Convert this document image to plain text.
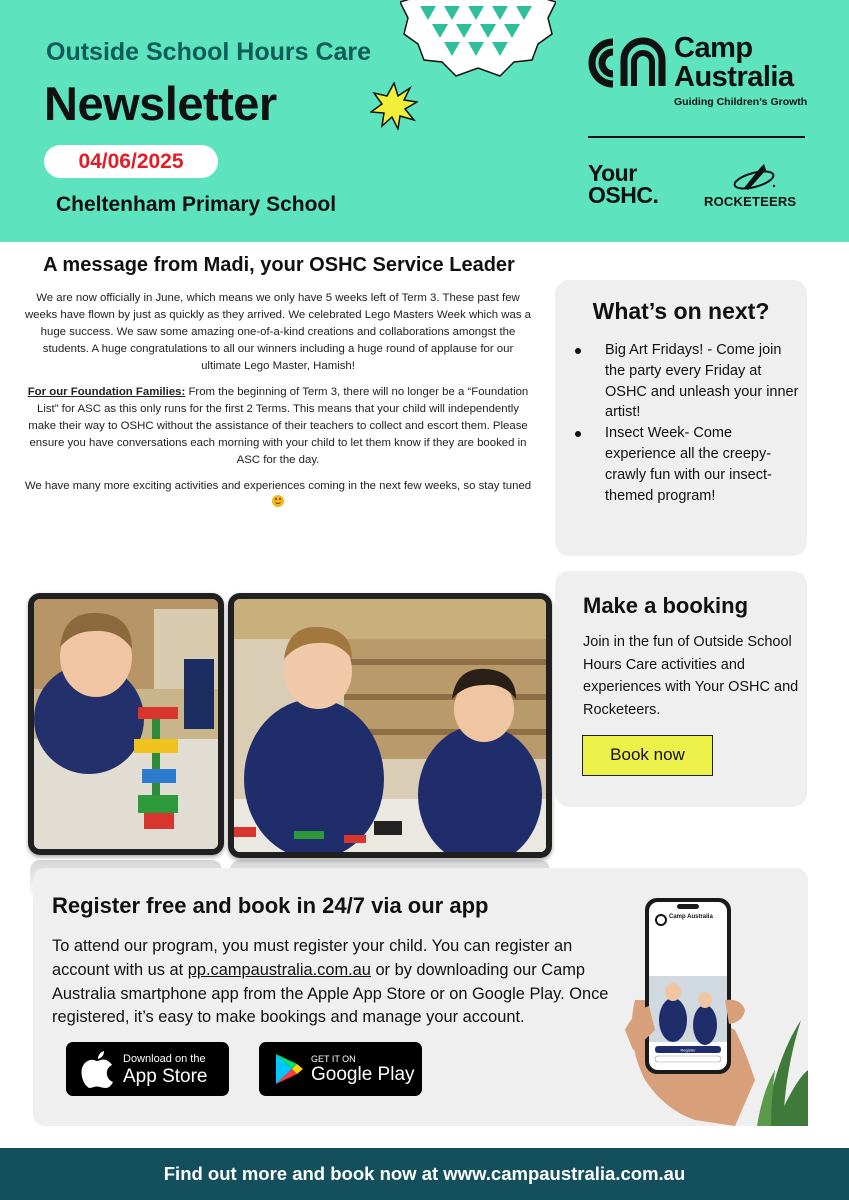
Outside School Hours Care
Newsletter
04/06/2025
Cheltenham Primary School
Camp
Australia
Guiding Children’s Growth
Your
OSHC.	ROCKETEERS
A message from Madi, your OSHC Service Leader

We are now officially in June, which means we only have 5 weeks left of Term 3. These past few weeks have flown by just as quickly as they arrived. We celebrated Lego Masters Week which was a huge success. We saw some amazing one-of-a-kind creations and collaborations amongst the students. A huge congratulations to all our winners including a huge round of applause for our ultimate Lego Master, Hamish!

For our Foundation Families: From the beginning of Term 3, there will no longer be a “Foundation List” for ASC as this only runs for the first 2 Terms. This means that your child will independently make their way to OSHC without the assistance of their teachers to collect and escort them. Please ensure you have conversations each morning with your child to let them know if they are booked in ASC for the day.

We have many more exciting activities and experiences coming in the next few weeks, so stay tuned

What’s on next?
Big Art Fridays! - Come join the party every Friday at OSHC and unleash your inner artist!
Insect Week- Come experience all the creepy-crawly fun with our insect-themed program!
Make a booking
Join in the fun of Outside School Hours Care activities and experiences with Your OSHC and Rocketeers.
Book now
Register free and book in 24/7 via our app
To attend our program, you must register your child. You can register an account with us at pp.campaustralia.com.au or by downloading our Camp Australia smartphone app from the Apple App Store or on Google Play. Once registered, it’s easy to make bookings and manage your account.
Download on the
App Store
GET IT ON
Google Play
Camp Australia
Register
Find out more and book now at www.campaustralia.com.au
